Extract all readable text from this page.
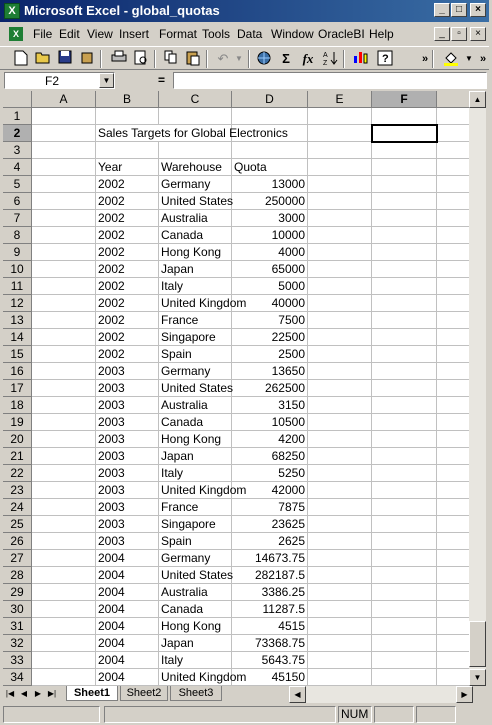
X Microsoft Excel - global_quotas	_	□	×
X	File Edit View Insert Format Tools Data Window OracleBI Help	_	▫	×
↶ ▼	Σ fx	A
Z	?	»	▼ »
F2	▼	=
A	B	C	D	E	F
1
2	Sales Targets for Global Electronics
3
4	Year	Warehouse	Quota
5	2002	Germany	13000
6	2002	United States	250000
7	2002	Australia	3000
8	2002	Canada	10000
9	2002	Hong Kong	4000
10	2002	Japan	65000
11	2002	Italy	5000
12	2002	United Kingdom	40000
13	2002	France	7500
14	2002	Singapore	22500
15	2002	Spain	2500
16	2003	Germany	13650
17	2003	United States	262500
18	2003	Australia	3150
19	2003	Canada	10500
20	2003	Hong Kong	4200
21	2003	Japan	68250
22	2003	Italy	5250
23	2003	United Kingdom	42000
24	2003	France	7875
25	2003	Singapore	23625
26	2003	Spain	2625
27	2004	Germany	14673.75
28	2004	United States	282187.5
29	2004	Australia	3386.25
30	2004	Canada	11287.5
31	2004	Hong Kong	4515
32	2004	Japan	73368.75
33	2004	Italy	5643.75
34	2004	United Kingdom	45150
▲
▼
|◀ ◀ ▶ ▶|	Sheet1	Sheet2	Sheet3	◀	▶
NUM
